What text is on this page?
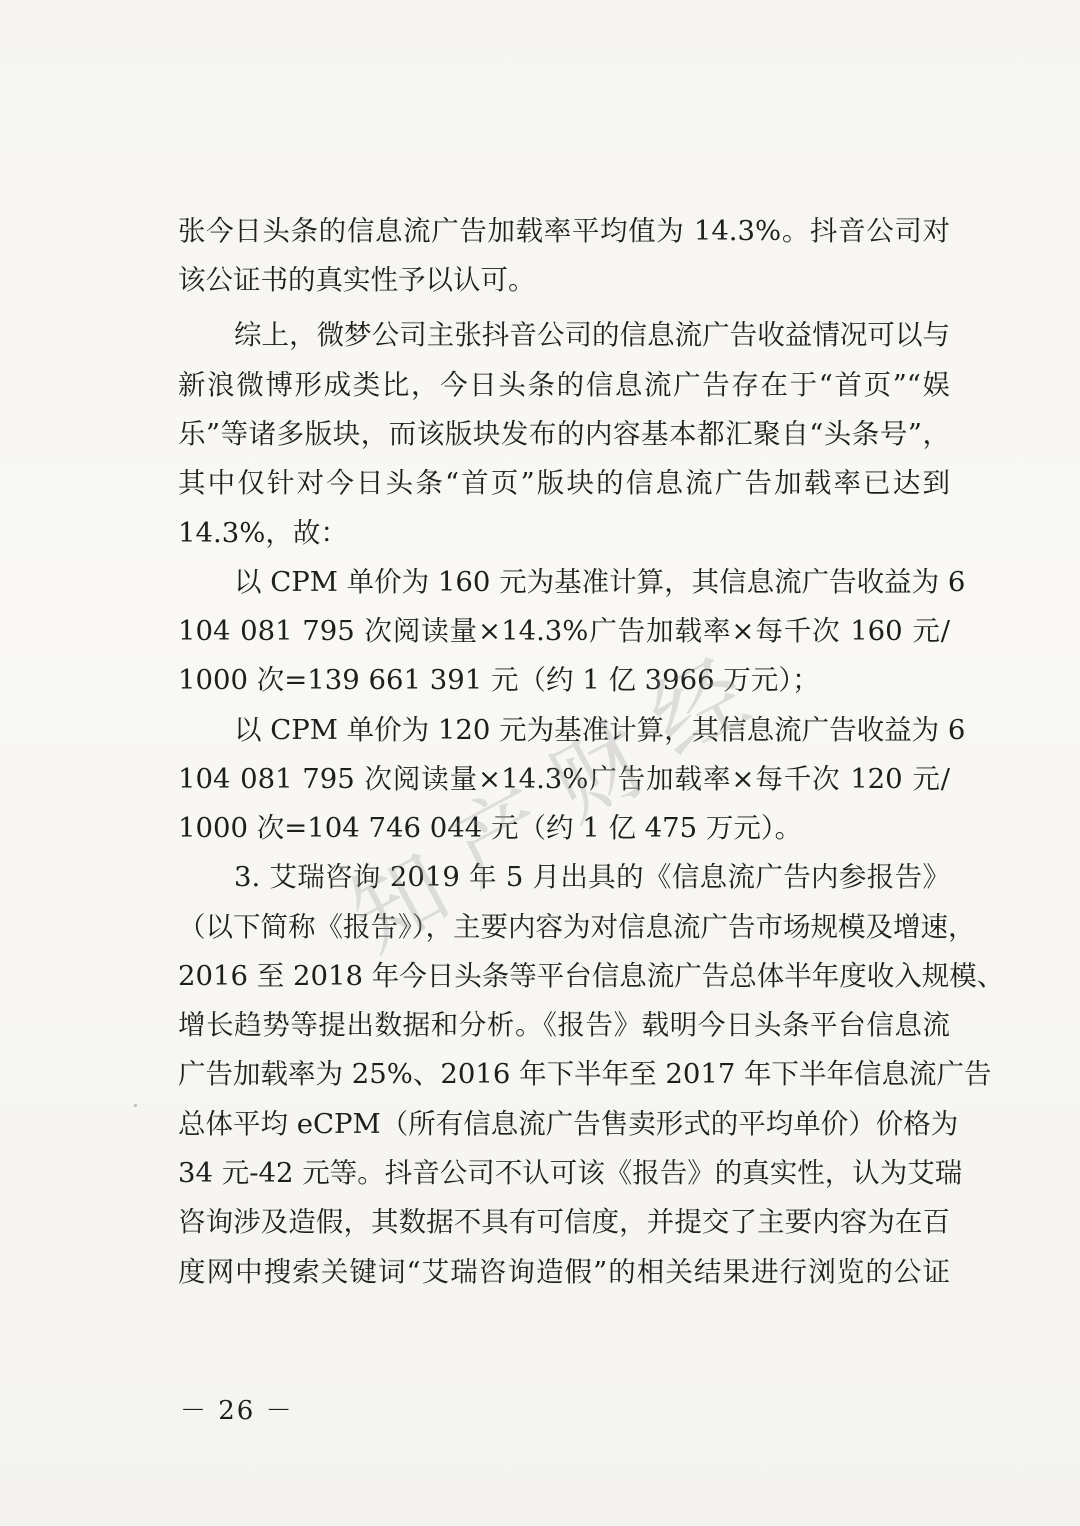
张今日头条的信息流广告加载率平均值为 14.3%。抖音公司对
该公证书的真实性予以认可。
综上，微梦公司主张抖音公司的信息流广告收益情况可以与
新浪微博形成类比，今日头条的信息流广告存在于“首页”“娱
乐”等诸多版块，而该版块发布的内容基本都汇聚自“头条号”，
其中仅针对今日头条“首页”版块的信息流广告加载率已达到
14.3%，故：
以 CPM 单价为 160 元为基准计算，其信息流广告收益为 6
104 081 795 次阅读量×14.3%广告加载率×每千次 160 元/
1000 次=139 661 391 元（约 1 亿 3966 万元）；
以 CPM 单价为 120 元为基准计算，其信息流广告收益为 6
104 081 795 次阅读量×14.3%广告加载率×每千次 120 元/
1000 次=104 746 044 元（约 1 亿 475 万元）。
3. 艾瑞咨询 2019 年 5 月出具的《信息流广告内参报告》
（以下简称《报告》），主要内容为对信息流广告市场规模及增速，
2016 至 2018 年今日头条等平台信息流广告总体半年度收入规模、
增长趋势等提出数据和分析。《报告》载明今日头条平台信息流
广告加载率为 25%、2016 年下半年至 2017 年下半年信息流广告
总体平均 eCPM（所有信息流广告售卖形式的平均单价）价格为
34 元-42 元等。抖音公司不认可该《报告》的真实性，认为艾瑞
咨询涉及造假，其数据不具有可信度，并提交了主要内容为在百
度网中搜索关键词“艾瑞咨询造假”的相关结果进行浏览的公证
知
产
财
经
－ 26 －
